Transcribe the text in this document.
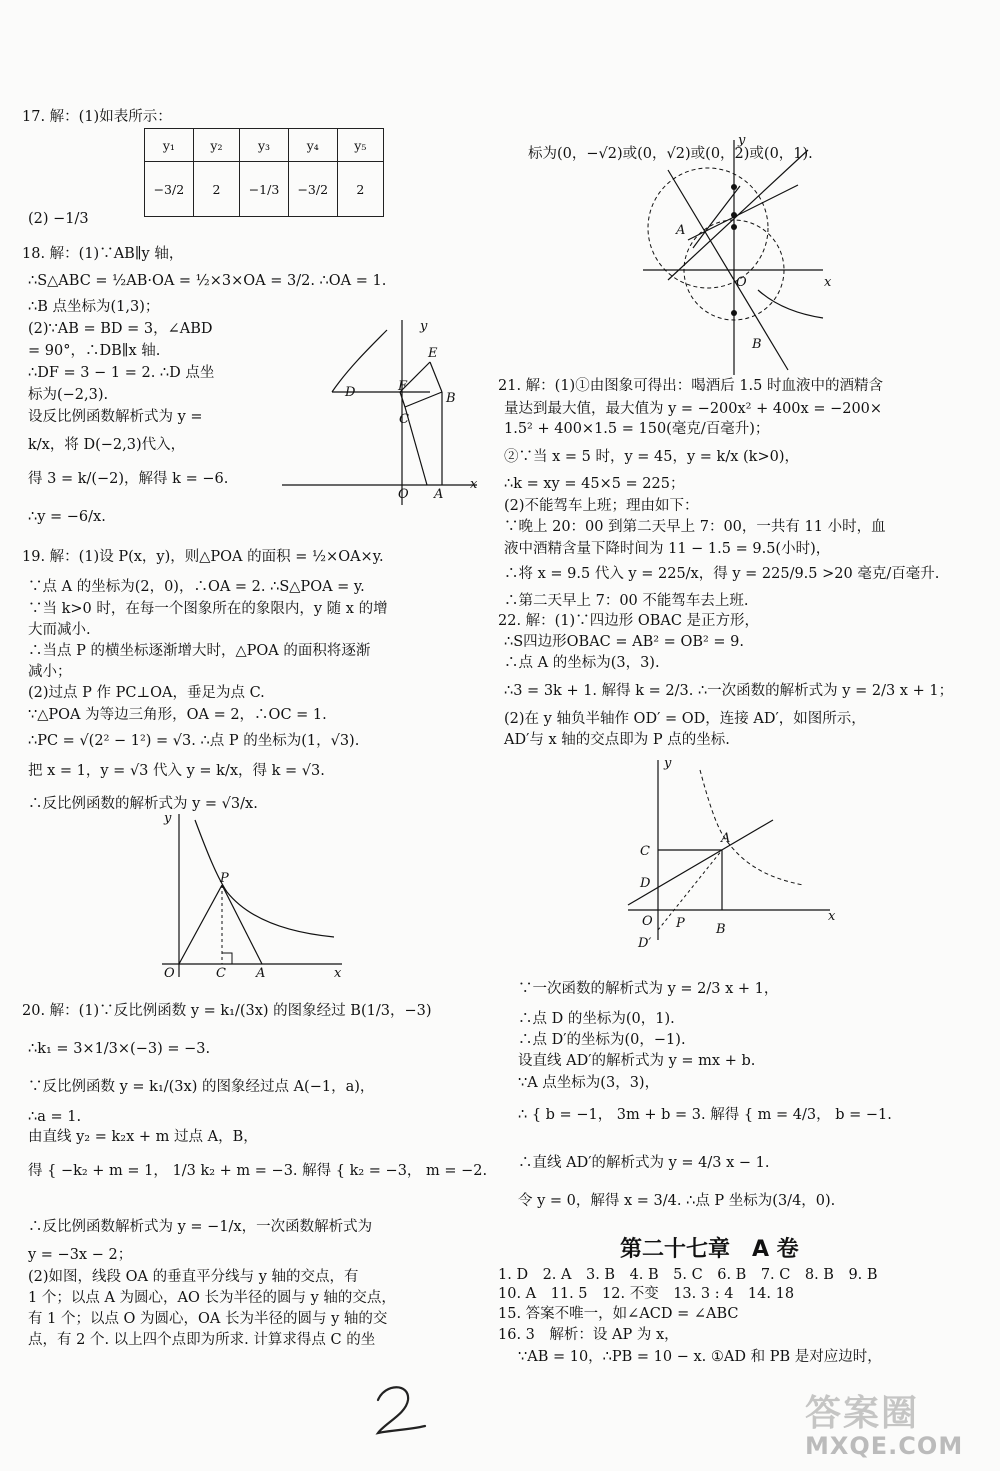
17. 解：(1)如表所示：
y₁	y₂	y₃	y₄	y₅
−3/2	2	−1/3	−3/2	2
(2) −1/3
18. 解：(1)∵AB∥y 轴，
∴S△ABC = ½AB·OA = ½×3×OA = 3/2. ∴OA = 1.
∴B 点坐标为(1,3)；
(2)∵AB = BD = 3，∠ABD
= 90°，∴DB∥x 轴.
∴DF = 3 − 1 = 2. ∴D 点坐
标为(−2,3).
设反比例函数解析式为 y =
k/x，将 D(−2,3)代入，
得 3 = k/(−2)，解得 k = −6.
∴y = −6/x.
y
E
D	F
B
C
O A
x
19. 解：(1)设 P(x，y)，则△POA 的面积 = ½×OA×y.
∵点 A 的坐标为(2，0)，∴OA = 2. ∴S△POA = y.
∵当 k>0 时，在每一个图象所在的象限内，y 随 x 的增
大而减小.
∴当点 P 的横坐标逐渐增大时，△POA 的面积将逐渐
减小；
(2)过点 P 作 PC⊥OA，垂足为点 C.
∵△POA 为等边三角形，OA = 2，∴OC = 1.
∴PC = √(2² − 1²) = √3. ∴点 P 的坐标为(1，√3).
把 x = 1，y = √3 代入 y = k/x，得 k = √3.
∴反比例函数的解析式为 y = √3/x.
y
P
O	C A	x
20. 解：(1)∵反比例函数 y = k₁/(3x) 的图象经过 B(1/3，−3)
∴k₁ = 3×1/3×(−3) = −3.
∵反比例函数 y = k₁/(3x) 的图象经过点 A(−1，a)，
∴a = 1.
由直线 y₂ = k₂x + m 过点 A，B，
得 { −k₂ + m = 1， 1/3 k₂ + m = −3. 解得 { k₂ = −3， m = −2.
∴反比例函数解析式为 y = −1/x，一次函数解析式为
y = −3x − 2；
(2)如图，线段 OA 的垂直平分线与 y 轴的交点，有
1 个；以点 A 为圆心，AO 长为半径的圆与 y 轴的交点，
有 1 个；以点 O 为圆心，OA 长为半径的圆与 y 轴的交
点，有 2 个. 以上四个点即为所求. 计算求得点 C 的坐
标为(0，−√2)或(0，√2)或(0，2)或(0，1).
y
A
O	x
B
21. 解：(1)①由图象可得出：喝酒后 1.5 时血液中的酒精含
量达到最大值，最大值为 y = −200x² + 400x = −200×
1.5² + 400×1.5 = 150(毫克/百毫升)；
②∵当 x = 5 时，y = 45，y = k/x (k>0)，
∴k = xy = 45×5 = 225；
(2)不能驾车上班；理由如下：
∵晚上 20：00 到第二天早上 7：00，一共有 11 小时，血
液中酒精含量下降时间为 11 − 1.5 = 9.5(小时)，
∴将 x = 9.5 代入 y = 225/x，得 y = 225/9.5 >20 毫克/百毫升.
∴第二天早上 7：00 不能驾车去上班.
22. 解：(1)∵四边形 OBAC 是正方形，
∴S四边形OBAC = AB² = OB² = 9.
∴点 A 的坐标为(3，3).
∴3 = 3k + 1. 解得 k = 2/3. ∴一次函数的解析式为 y = 2/3 x + 1；
(2)在 y 轴负半轴作 OD′ = OD，连接 AD′，如图所示，
AD′与 x 轴的交点即为 P 点的坐标.
y
A
C
D
O P	x
B
D′
∵一次函数的解析式为 y = 2/3 x + 1，
∴点 D 的坐标为(0，1).
∴点 D′的坐标为(0，−1).
设直线 AD′的解析式为 y = mx + b.
∵A 点坐标为(3，3)，
∴ { b = −1， 3m + b = 3. 解得 { m = 4/3， b = −1.
∴直线 AD′的解析式为 y = 4/3 x − 1.
令 y = 0，解得 x = 3/4. ∴点 P 坐标为(3/4，0).
第二十七章　A 卷
1. D　2. A　3. B　4. B　5. C　6. B　7. C　8. B　9. B
10. A　11. 5　12. 不变　13. 3 : 4　14. 18
15. 答案不唯一，如∠ACD = ∠ABC
16. 3　解析：设 AP 为 x，
∵AB = 10，∴PB = 10 − x. ①AD 和 PB 是对应边时，
答案圈
MXQE.COM
